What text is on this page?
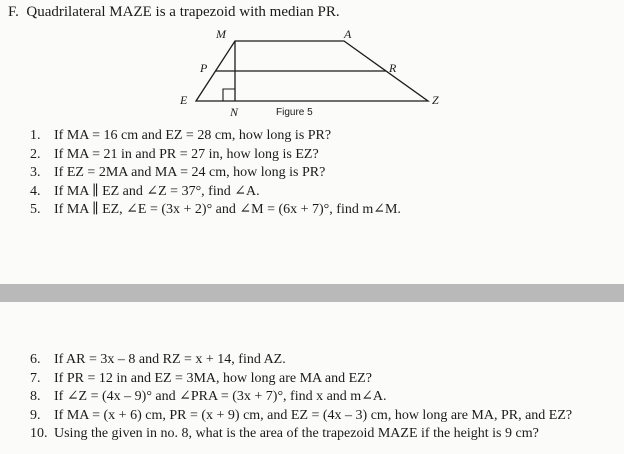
F. Quadrilateral MAZE is a trapezoid with median PR.
M	A
Z
E
P	R
N	Figure 5
1. If MA = 16 cm and EZ = 28 cm, how long is PR?
2. If MA = 21 in and PR = 27 in, how long is EZ?
3. If EZ = 2MA and MA = 24 cm, how long is PR?
4. If MA ∥ EZ and ∠Z = 37°, find ∠A.
5. If MA ∥ EZ, ∠E = (3x + 2)° and ∠M = (6x + 7)°, find m∠M.
6. If AR = 3x – 8 and RZ = x + 14, find AZ.
7. If PR = 12 in and EZ = 3MA, how long are MA and EZ?
8. If ∠Z = (4x – 9)° and ∠PRA = (3x + 7)°, find x and m∠A.
9. If MA = (x + 6) cm, PR = (x + 9) cm, and EZ = (4x – 3) cm, how long are MA, PR, and EZ?
10. Using the given in no. 8, what is the area of the trapezoid MAZE if the height is 9 cm?
